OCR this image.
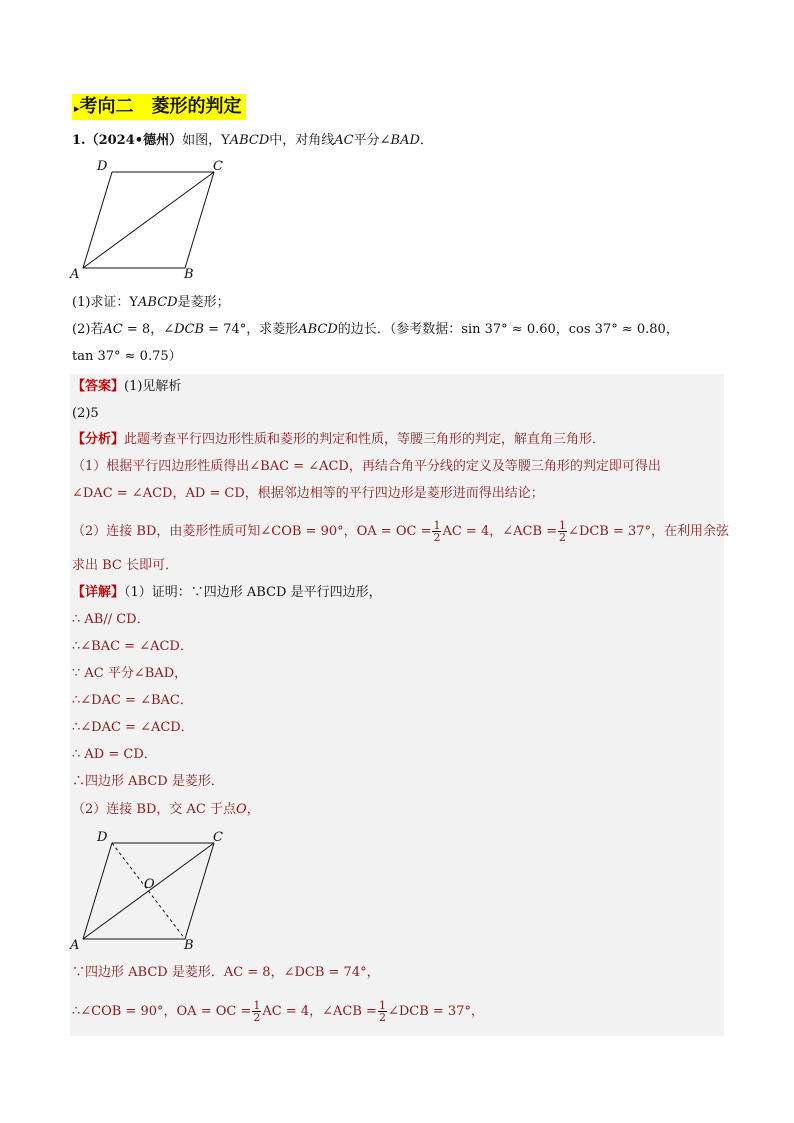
▸考向二　菱形的判定
1.（2024•德州）如图，YABCD中，对角线AC平分∠BAD．
A	B
C
D
(1)求证：YABCD是菱形；
(2)若AC = 8，∠DCB = 74°，求菱形ABCD的边长．（参考数据：sin 37° ≈ 0.60，cos 37° ≈ 0.80，
tan 37° ≈ 0.75）
【答案】(1)见解析
(2)5
【分析】此题考查平行四边形性质和菱形的判定和性质，等腰三角形的判定，解直角三角形．
（1）根据平行四边形性质得出∠BAC = ∠ACD，再结合角平分线的定义及等腰三角形的判定即可得出
∠DAC = ∠ACD，AD = CD，根据邻边相等的平行四边形是菱形进而得出结论；
（2）连接 BD，由菱形性质可知∠COB = 90°，OA = OC = $\frac{1}{2}$ AC = 4，∠ACB = $\frac{1}{2}$ ∠DCB = 37°，在利用余弦
求出 BC 长即可．
【详解】（1）证明：∵四边形 ABCD 是平行四边形，
∴ AB// CD．
∴∠BAC = ∠ACD．
∵ AC 平分∠BAD，
∴∠DAC = ∠BAC．
∴∠DAC = ∠ACD．
∴ AD = CD．
∴四边形 ABCD 是菱形．
（2）连接 BD，交 AC 于点O，
A	B
C
D
O
∵四边形 ABCD 是菱形．AC = 8，∠DCB = 74°，
∴∠COB = 90°，OA = OC = $\frac{1}{2}$ AC = 4，∠ACB = $\frac{1}{2}$ ∠DCB = 37°，
